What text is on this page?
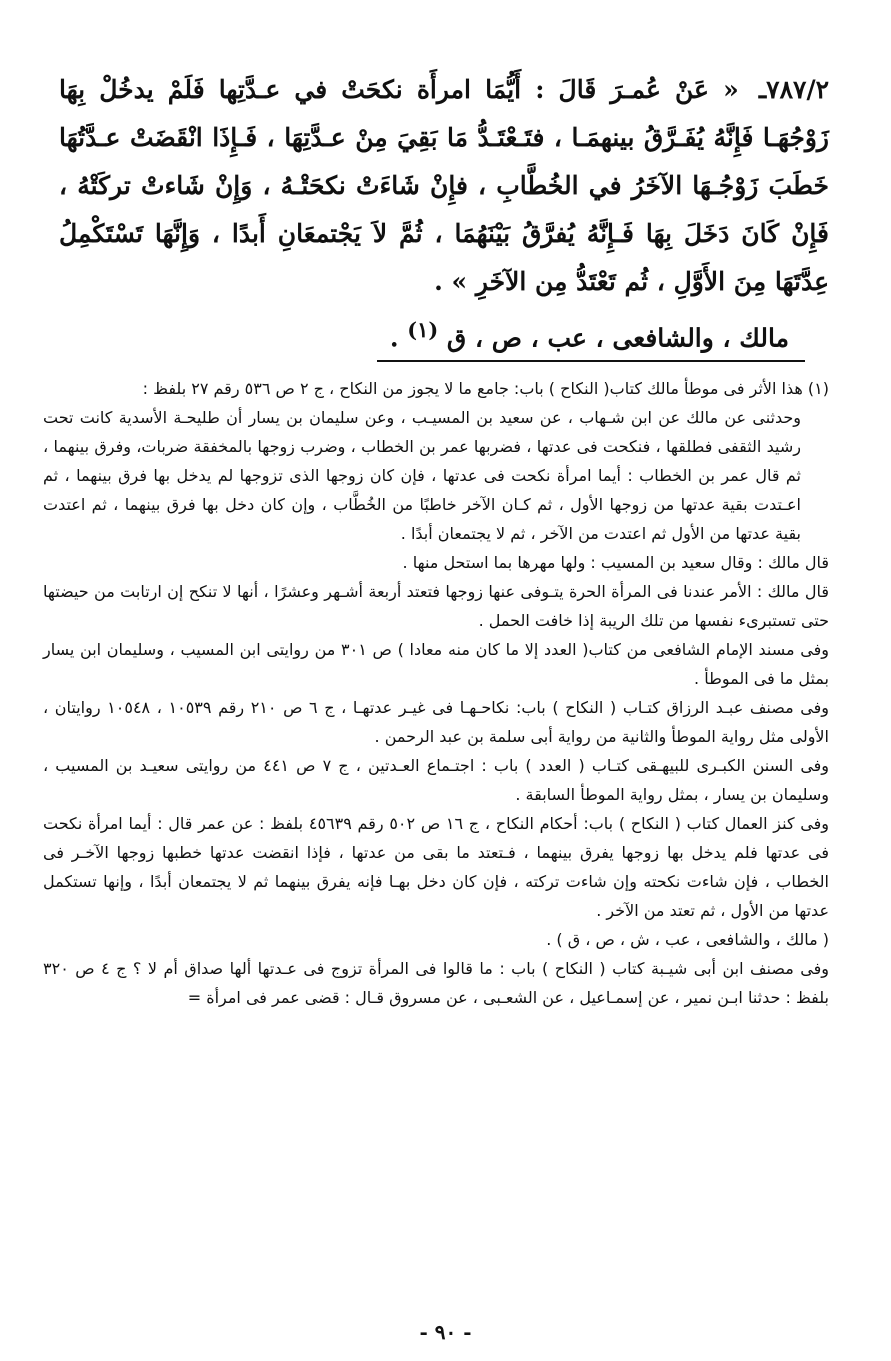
٧٨٧/٢ـ « عَنْ عُمـرَ قَالَ : أَيُّمَا امرأَة نكحَتْ في عـدَّتِها فَلَمْ يدخُلْ بِهَا زَوْجُهَـا فَإِنَّهُ يُفَـرَّقُ بينهمَـا ، فتَـعْتَـدُّ مَا بَقِيَ مِنْ عـدَّتِهَا ، فَـإِذَا انْقَضَتْ عـدَّتُهَا خَطَبَ زَوْجُـهَا الآخَرُ في الخُطَّابِ ، فإِنْ شَاءَتْ نكحَتْـهُ ، وَإِنْ شَاءتْ تركَتْهُ ، فَإِنْ كَانَ دَخَلَ بِهَا فَـإِنَّهُ يُفرَّقُ بَيْنَهُمَا ، ثُمَّ لاَ يَجْتمعَانِ أَبدًا ، وَإِنَّهَا تَسْتَكْمِلُ عِدَّتَهَا مِنَ الأَوَّلِ ، ثُم تَعْتَدُّ مِن الآخَرِ » .

مالك ، والشافعى ، عب ، ص ، ق $^{(١)}$ .

(١) هذا الأثر فى موطأ مالك كتاب( النكاح ) باب: جامع ما لا يجوز من النكاح ، ج ٢ ص ٥٣٦ رقم ٢٧ بلفظ :

وحدثنى عن مالك عن ابن شـهاب ، عن سعيد بن المسيـب ، وعن سليمان بن يسار أن طليحـة الأسدية كانت تحت رشيد الثقفى فطلقها ، فنكحت فى عدتها ، فضربها عمر بن الخطاب ، وضرب زوجها بالمخفقة ضربات، وفرق بينهما ، ثم قال عمر بن الخطاب : أيما امرأة نكحت فى عدتها ، فإن كان زوجها الذى تزوجها لم يدخل بها فرق بينهما ، ثم اعـتدت بقية عدتها من زوجها الأول ، ثم كـان الآخر خاطبًا من الخُطَّاب ، وإن كان دخل بها فرق بينهما ، ثم اعتدت بقية عدتها من الأول ثم اعتدت من الآخر ، ثم لا يجتمعان أبدًا .

قال مالك : وقال سعيد بن المسيب : ولها مهرها بما استحل منها .

قال مالك : الأمر عندنا فى المرأة الحرة يتـوفى عنها زوجها فتعتد أربعة أشـهر وعشرًا ، أنها لا تنكح إن ارتابت من حيضتها حتى تستبرىء نفسها من تلك الريبة إذا خافت الحمل .

وفى مسند الإمام الشافعى من كتاب( العدد إلا ما كان منه معادا ) ص ٣٠١ من روايتى ابن المسيب ، وسليمان ابن يسار بمثل ما فى الموطأ .

وفى مصنف عبـد الرزاق كتـاب ( النكاح ) باب: نكاحـهـا فى غيـر عدتهـا ، ج ٦ ص ٢١٠ رقم ١٠٥٣٩ ، ١٠٥٤٨ روايتان ، الأولى مثل رواية الموطأ والثانية من رواية أبى سلمة بن عبد الرحمن .

وفى السنن الكبـرى للبيهـقى كتـاب ( العدد ) باب : اجتـماع العـدتين ، ج ٧ ص ٤٤١ من روايتى سعيـد بن المسيب ، وسليمان بن يسار ، بمثل رواية الموطأ السابقة .

وفى كنز العمال كتاب ( النكاح ) باب: أحكام النكاح ، ج ١٦ ص ٥٠٢ رقم ٤٥٦٣٩ بلفظ : عن عمر قال : أيما امرأة نكحت فى عدتها فلم يدخل بها زوجها يفرق بينهما ، فـتعتد ما بقى من عدتها ، فإذا انقضت عدتها خطبها زوجها الآخـر فى الخطاب ، فإن شاءت نكحته وإن شاءت تركته ، فإن كان دخل بهـا فإنه يفرق بينهما ثم لا يجتمعان أبدًا ، وإنها تستكمل عدتها من الأول ، ثم تعتد من الآخر .

( مالك ، والشافعى ، عب ، ش ، ص ، ق ) .

وفى مصنف ابن أبى شيـبة كتاب ( النكاح ) باب : ما قالوا فى المرأة تزوج فى عـدتها ألها صداق أم لا ؟ ج ٤ ص ٣٢٠ بلفظ : حدثنا ابـن نمير ، عن إسمـاعيل ، عن الشعـبى ، عن مسروق قـال : قضى عمر فى امرأة =

- ٩٠ -
